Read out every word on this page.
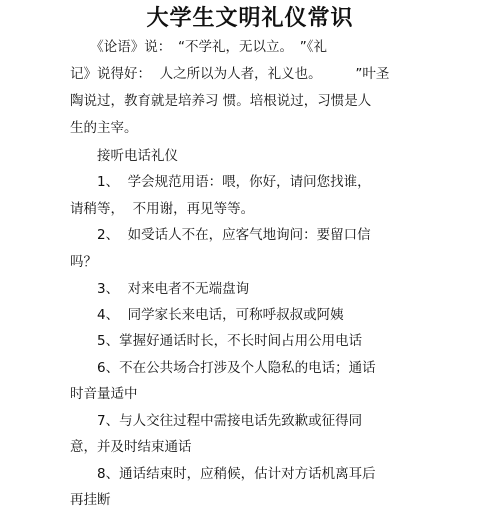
大学生文明礼仪常识
　　《论语》说：　“不学礼，无以立。　”《礼
记》说得好：  人之所以为人者，礼义也。　　　”叶圣
陶说过，教育就是培养习 惯。培根说过，习惯是人
生的主宰。
　　接听电话礼仪
　　1、  学会规范用语：喂，你好，请问您找谁，
请稍等，  不用谢，再见等等。
　　2、  如受话人不在，应客气地询问：要留口信
吗？
　　3、  对来电者不无端盘询
　　4、  同学家长来电话，可称呼叔叔或阿姨
　　5、掌握好通话时长，不长时间占用公用电话
　　6、不在公共场合打涉及个人隐私的电话；通话
时音量适中
　　7、与人交往过程中需接电话先致歉或征得同
意，并及时结束通话
　　8、通话结束时，应稍候，估计对方话机离耳后
再挂断
